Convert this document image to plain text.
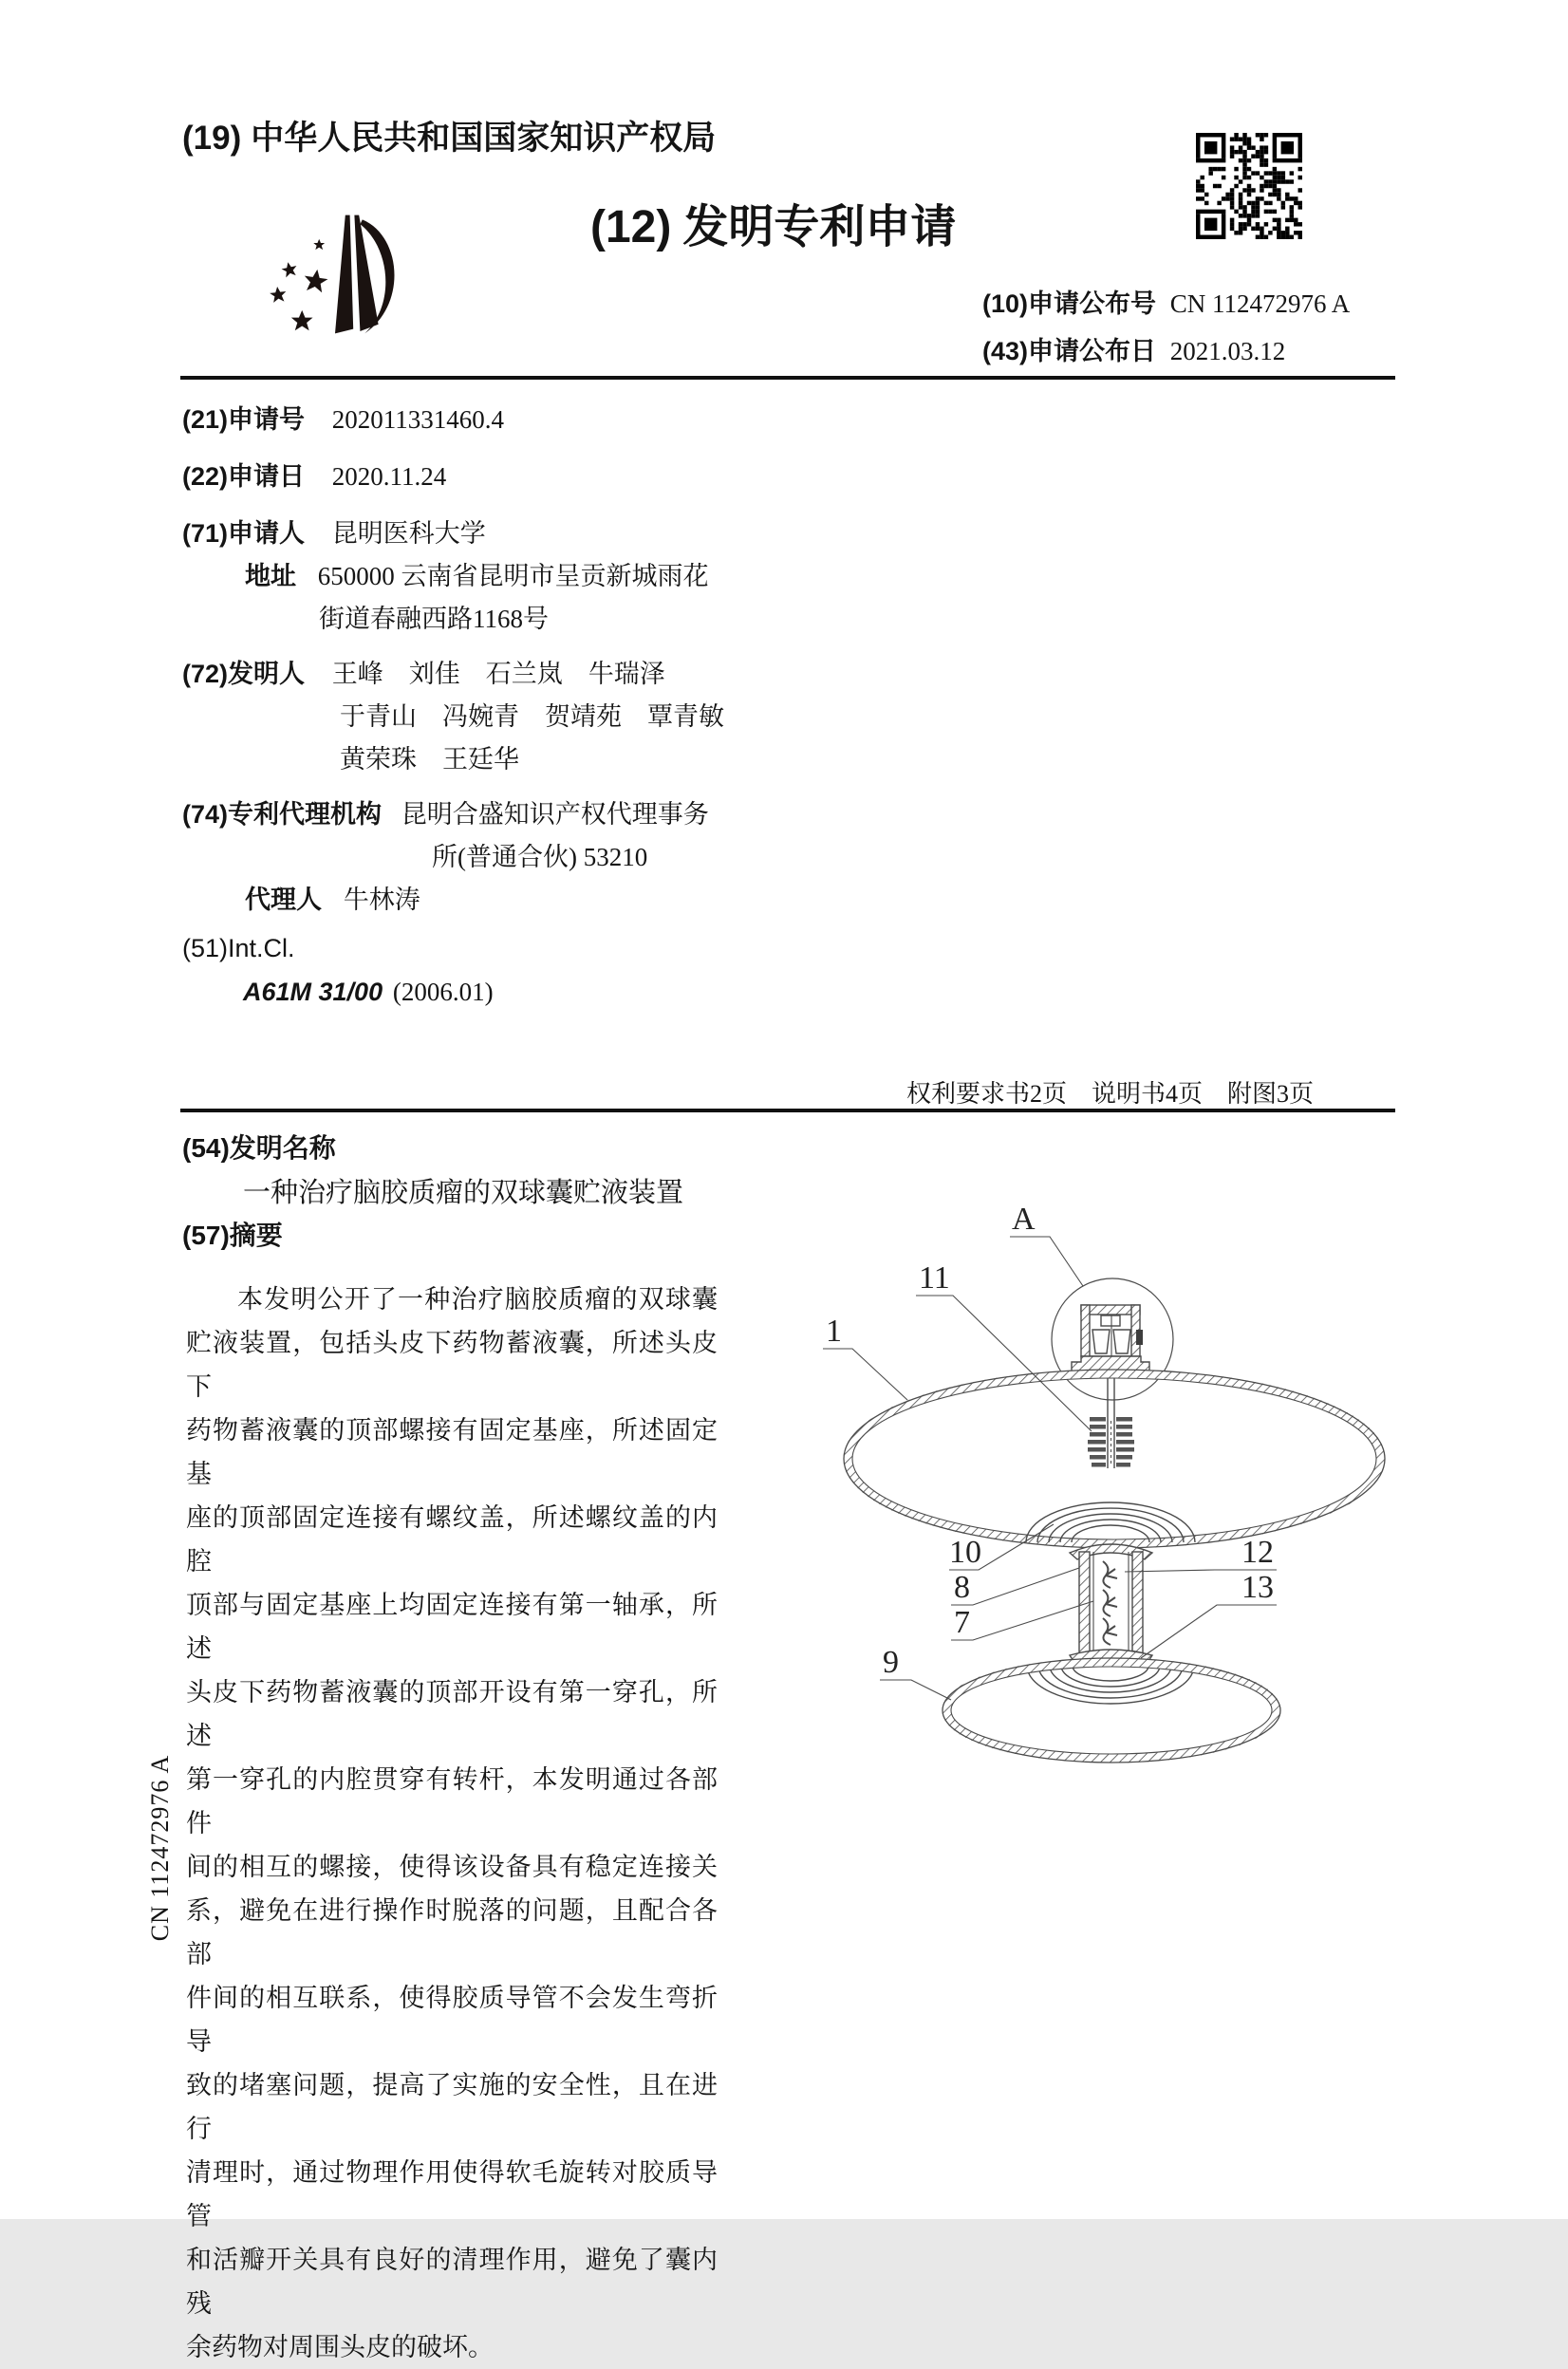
(19) 中华人民共和国国家知识产权局
(12) 发明专利申请
(10)申请公布号 CN 112472976 A
(43)申请公布日 2021.03.12
(21)申请号 202011331460.4
(22)申请日 2020.11.24
(71)申请人 昆明医科大学
地址 650000 云南省昆明市呈贡新城雨花
街道春融西路1168号
(72)发明人 王峰　刘佳　石兰岚　牛瑞泽
于青山　冯婉青　贺靖苑　覃青敏
黄荣珠　王廷华
(74)专利代理机构 昆明合盛知识产权代理事务
所(普通合伙) 53210
代理人 牛林涛
(51)Int.Cl.
A61M 31/00 (2006.01)
权利要求书2页　说明书4页　附图3页
(54)发明名称
一种治疗脑胶质瘤的双球囊贮液装置
(57)摘要
本发明公开了一种治疗脑胶质瘤的双球囊
贮液装置，包括头皮下药物蓄液囊，所述头皮下
药物蓄液囊的顶部螺接有固定基座，所述固定基
座的顶部固定连接有螺纹盖，所述螺纹盖的内腔
顶部与固定基座上均固定连接有第一轴承，所述
头皮下药物蓄液囊的顶部开设有第一穿孔，所述
第一穿孔的内腔贯穿有转杆，本发明通过各部件
间的相互的螺接，使得该设备具有稳定连接关
系，避免在进行操作时脱落的问题，且配合各部
件间的相互联系，使得胶质导管不会发生弯折导
致的堵塞问题，提高了实施的安全性，且在进行
清理时，通过物理作用使得软毛旋转对胶质导管
和活瓣开关具有良好的清理作用，避免了囊内残
余药物对周围头皮的破坏。
CN 112472976 A
A
11
1
10
8
7
12
13
9
